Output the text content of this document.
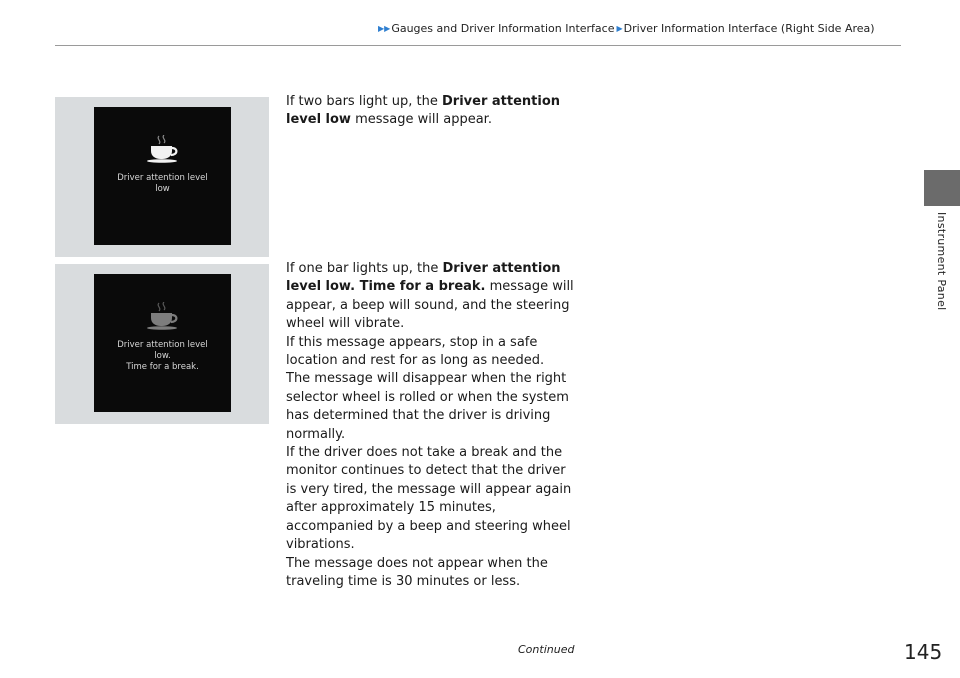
▶▶ Gauges and Driver Information Interface ▶ Driver Information Interface (Right Side Area)
Instrument Panel
Driver attention level
low
Driver attention level
low.
Time for a break.

If two bars light up, the Driver attention level low message will appear.

If one bar lights up, the Driver attention level low. Time for a break. message will appear, a beep will sound, and the steering wheel will vibrate.

If this message appears, stop in a safe location and rest for as long as needed.

The message will disappear when the right selector wheel is rolled or when the system has determined that the driver is driving normally.

If the driver does not take a break and the monitor continues to detect that the driver is very tired, the message will appear again after approximately 15 minutes, accompanied by a beep and steering wheel vibrations.

The message does not appear when the traveling time is 30 minutes or less.

Continued	145
